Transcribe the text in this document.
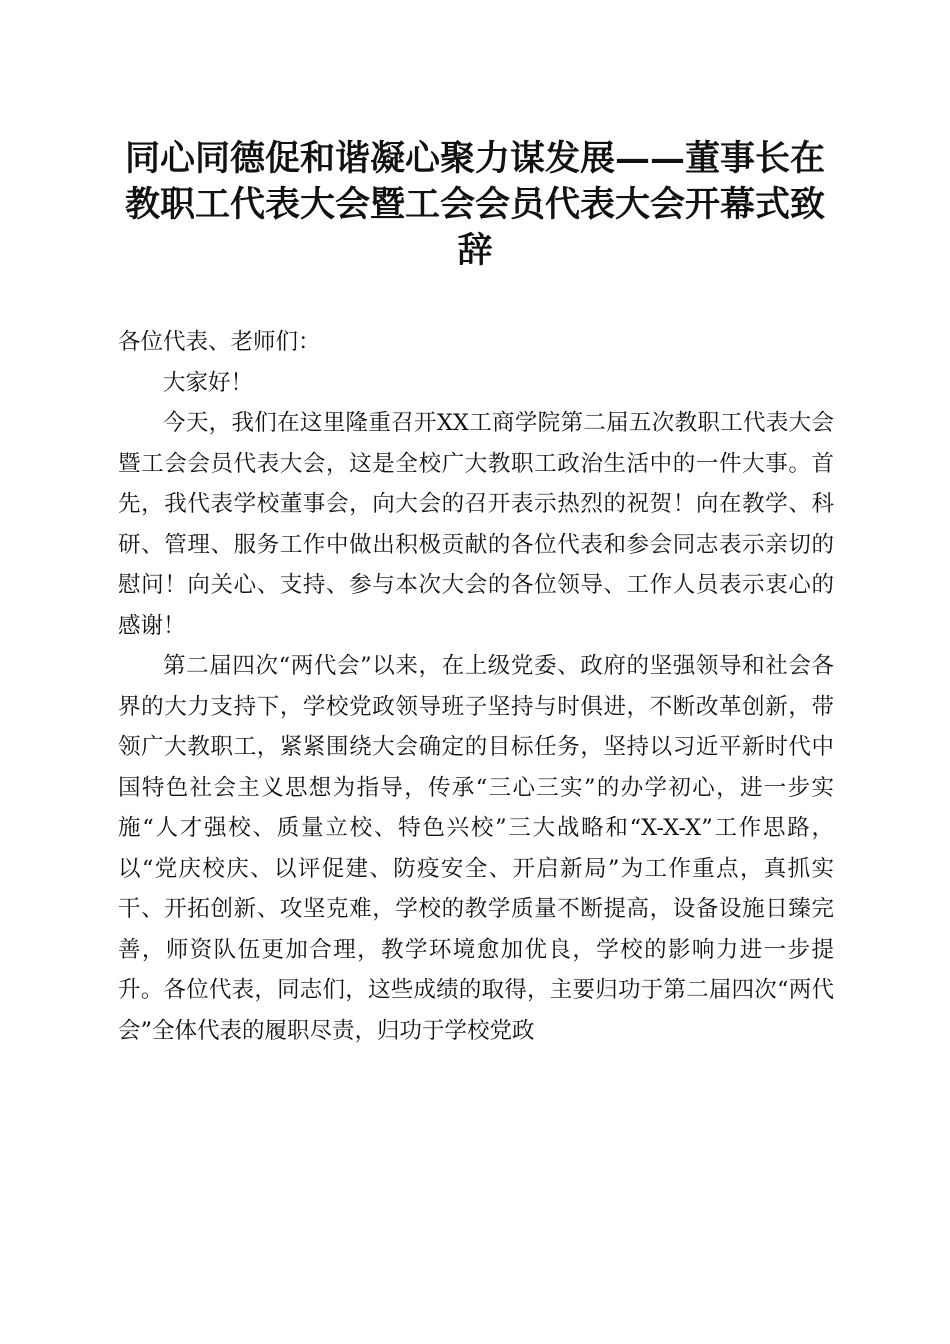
同心同德促和谐凝心聚力谋发展——董事长在教职工代表大会暨工会会员代表大会开幕式致辞

各位代表、老师们：

大家好！

今天，我们在这里隆重召开XX工商学院第二届五次教职工代表大会暨工会会员代表大会，这是全校广大教职工政治生活中的一件大事。首先，我代表学校董事会，向大会的召开表示热烈的祝贺！向在教学、科研、管理、服务工作中做出积极贡献的各位代表和参会同志表示亲切的慰问！向关心、支持、参与本次大会的各位领导、工作人员表示衷心的感谢！

第二届四次“两代会”以来，在上级党委、政府的坚强领导和社会各界的大力支持下，学校党政领导班子坚持与时俱进，不断改革创新，带领广大教职工，紧紧围绕大会确定的目标任务，坚持以习近平新时代中国特色社会主义思想为指导，传承“三心三实”的办学初心，进一步实施“人才强校、质量立校、特色兴校”三大战略和“X-X-X”工作思路，以“党庆校庆、以评促建、防疫安全、开启新局”为工作重点，真抓实干、开拓创新、攻坚克难，学校的教学质量不断提高，设备设施日臻完善，师资队伍更加合理，教学环境愈加优良，学校的影响力进一步提升。各位代表，同志们，这些成绩的取得，主要归功于第二届四次“两代会”全体代表的履职尽责，归功于学校党政
